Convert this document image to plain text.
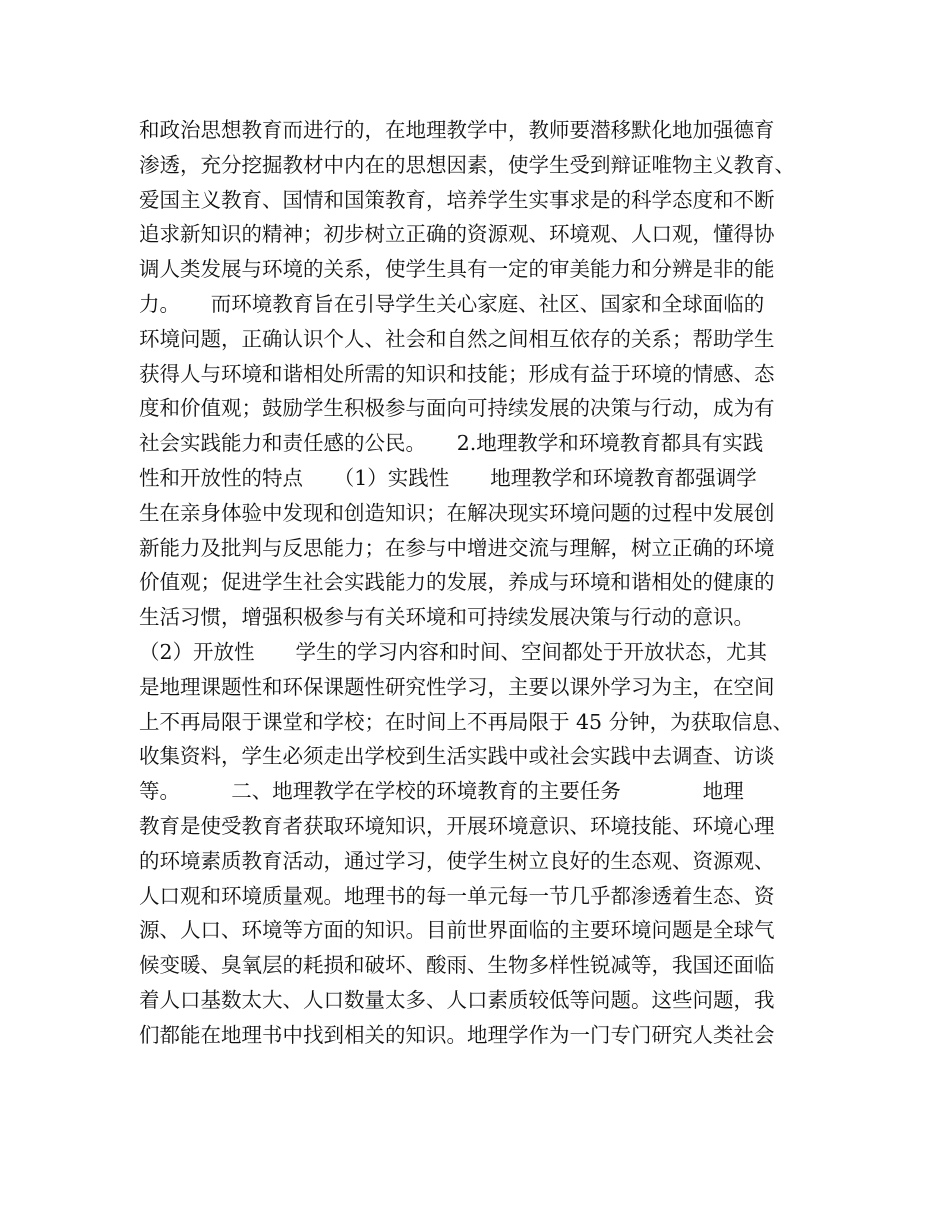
和政治思想教育而进行的，在地理教学中，教师要潜移默化地加强德育
渗透，充分挖掘教材中内在的思想因素，使学生受到辩证唯物主义教育、
爱国主义教育、国情和国策教育，培养学生实事求是的科学态度和不断
追求新知识的精神；初步树立正确的资源观、环境观、人口观，懂得协
调人类发展与环境的关系，使学生具有一定的审美能力和分辨是非的能
力。　　而环境教育旨在引导学生关心家庭、社区、国家和全球面临的
环境问题，正确认识个人、社会和自然之间相互依存的关系；帮助学生
获得人与环境和谐相处所需的知识和技能；形成有益于环境的情感、态
度和价值观；鼓励学生积极参与面向可持续发展的决策与行动，成为有
社会实践能力和责任感的公民。　　2.地理教学和环境教育都具有实践
性和开放性的特点　　（1）实践性　　地理教学和环境教育都强调学
生在亲身体验中发现和创造知识；在解决现实环境问题的过程中发展创
新能力及批判与反思能力；在参与中增进交流与理解，树立正确的环境
价值观；促进学生社会实践能力的发展，养成与环境和谐相处的健康的
生活习惯，增强积极参与有关环境和可持续发展决策与行动的意识。
（2）开放性　　学生的学习内容和时间、空间都处于开放状态，尤其
是地理课题性和环保课题性研究性学习，主要以课外学习为主，在空间
上不再局限于课堂和学校；在时间上不再局限于 45 分钟，为获取信息、
收集资料，学生必须走出学校到生活实践中或社会实践中去调查、访谈
等。　　　二、地理教学在学校的环境教育的主要任务　　　　地理
教育是使受教育者获取环境知识，开展环境意识、环境技能、环境心理
的环境素质教育活动，通过学习，使学生树立良好的生态观、资源观、
人口观和环境质量观。地理书的每一单元每一节几乎都渗透着生态、资
源、人口、环境等方面的知识。目前世界面临的主要环境问题是全球气
候变暖、臭氧层的耗损和破坏、酸雨、生物多样性锐减等，我国还面临
着人口基数太大、人口数量太多、人口素质较低等问题。这些问题，我
们都能在地理书中找到相关的知识。地理学作为一门专门研究人类社会
